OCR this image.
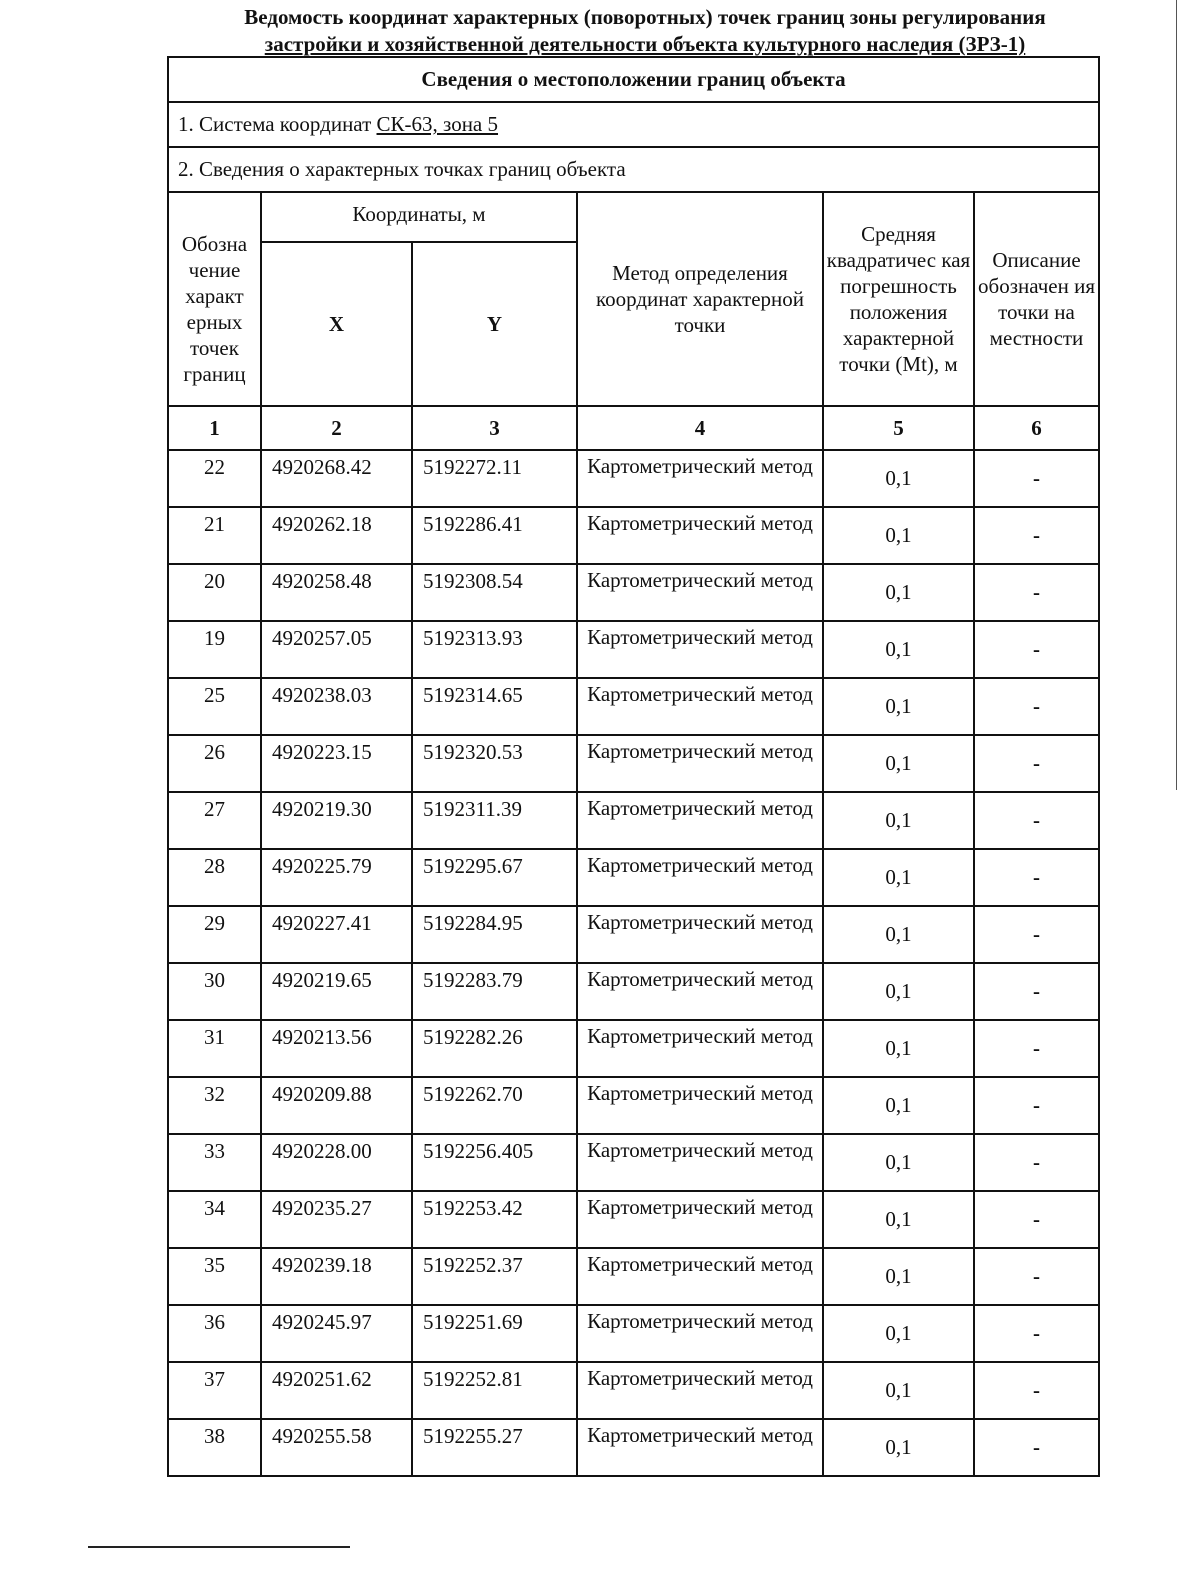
Ведомость координат характерных (поворотных) точек границ зоны регулирования
застройки и хозяйственной деятельности объекта культурного наследия (ЗРЗ-1)
Сведения о местоположении границ объекта					
1. Система координат СК-63, зона 5					
2. Сведения о характерных точках границ объекта					
Обозна чение характ ерных точек границ	Координаты, м		Метод определения координат характерной точки	Средняя квадратичес кая погрешность положения характерной точки (Mt), м	Описание обозначен ия точки на местности
	X	Y			
1	2	3	4	5	6
22	4920268.42	5192272.11	Картометрический метод	0,1	-
21	4920262.18	5192286.41	Картометрический метод	0,1	-
20	4920258.48	5192308.54	Картометрический метод	0,1	-
19	4920257.05	5192313.93	Картометрический метод	0,1	-
25	4920238.03	5192314.65	Картометрический метод	0,1	-
26	4920223.15	5192320.53	Картометрический метод	0,1	-
27	4920219.30	5192311.39	Картометрический метод	0,1	-
28	4920225.79	5192295.67	Картометрический метод	0,1	-
29	4920227.41	5192284.95	Картометрический метод	0,1	-
30	4920219.65	5192283.79	Картометрический метод	0,1	-
31	4920213.56	5192282.26	Картометрический метод	0,1	-
32	4920209.88	5192262.70	Картометрический метод	0,1	-
33	4920228.00	5192256.405	Картометрический метод	0,1	-
34	4920235.27	5192253.42	Картометрический метод	0,1	-
35	4920239.18	5192252.37	Картометрический метод	0,1	-
36	4920245.97	5192251.69	Картометрический метод	0,1	-
37	4920251.62	5192252.81	Картометрический метод	0,1	-
38	4920255.58	5192255.27	Картометрический метод	0,1	-
